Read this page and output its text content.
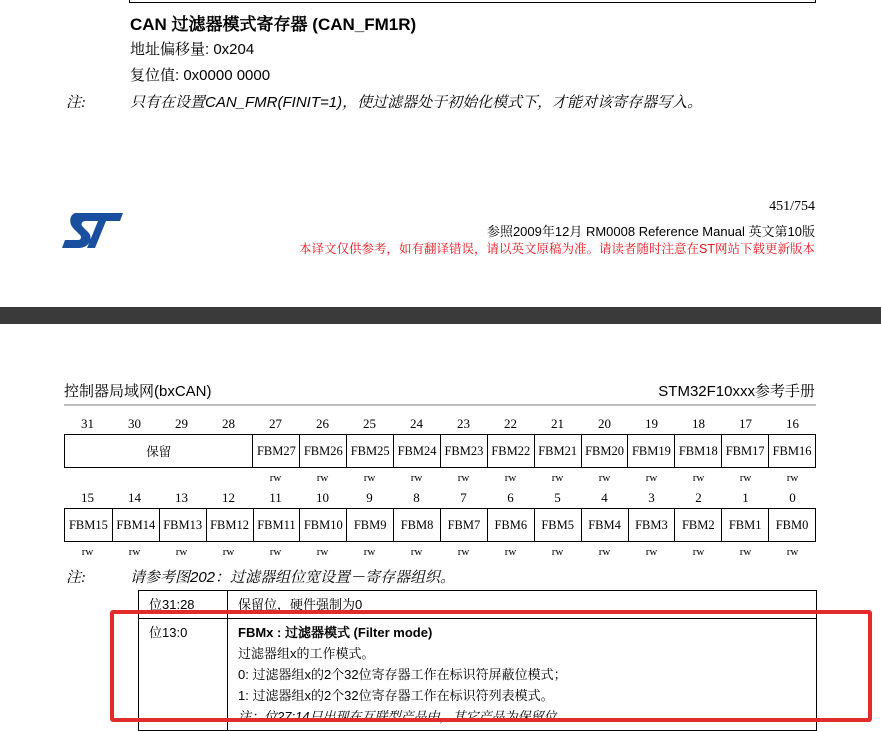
CAN 过滤器模式寄存器 (CAN_FM1R)
地址偏移量: 0x204
复位值: 0x0000 0000
注:	只有在设置CAN_FMR(FINIT=1)，使过滤器处于初始化模式下，才能对该寄存器写入。
451/754
参照2009年12月 RM0008 Reference Manual 英文第10版
本译文仅供参考，如有翻译错误，请以英文原稿为准。请读者随时注意在ST网站下载更新版本
控制器局域网(bxCAN)	STM32F10xxx参考手册
31	30	29	28	27	26	25	24	23	22	21	20	19	18	17	16
保留	FBM27 FBM26 FBM25 FBM24 FBM23 FBM22 FBM21 FBM20 FBM19 FBM18 FBM17 FBM16
rw	rw	rw	rw	rw	rw	rw	rw	rw	rw	rw	rw
15	14	13	12	11	10	9	8	7	6	5	4	3	2	1	0
FBM15 FBM14 FBM13 FBM12 FBM11 FBM10 FBM9	FBM8	FBM7	FBM6	FBM5	FBM4	FBM3	FBM2	FBM1	FBM0
rw	rw	rw	rw	rw	rw	rw	rw	rw	rw	rw	rw	rw	rw	rw	rw
注:	请参考图202：过滤器组位宽设置－寄存器组织。
位31:28	保留位，硬件强制为0

位13:0	FBMx : 过滤器模式 (Filter mode)
过滤器组x的工作模式。
0: 过滤器组x的2个32位寄存器工作在标识符屏蔽位模式；
1: 过滤器组x的2个32位寄存器工作在标识符列表模式。
注：位27:14只出现在互联型产品中，其它产品为保留位。
